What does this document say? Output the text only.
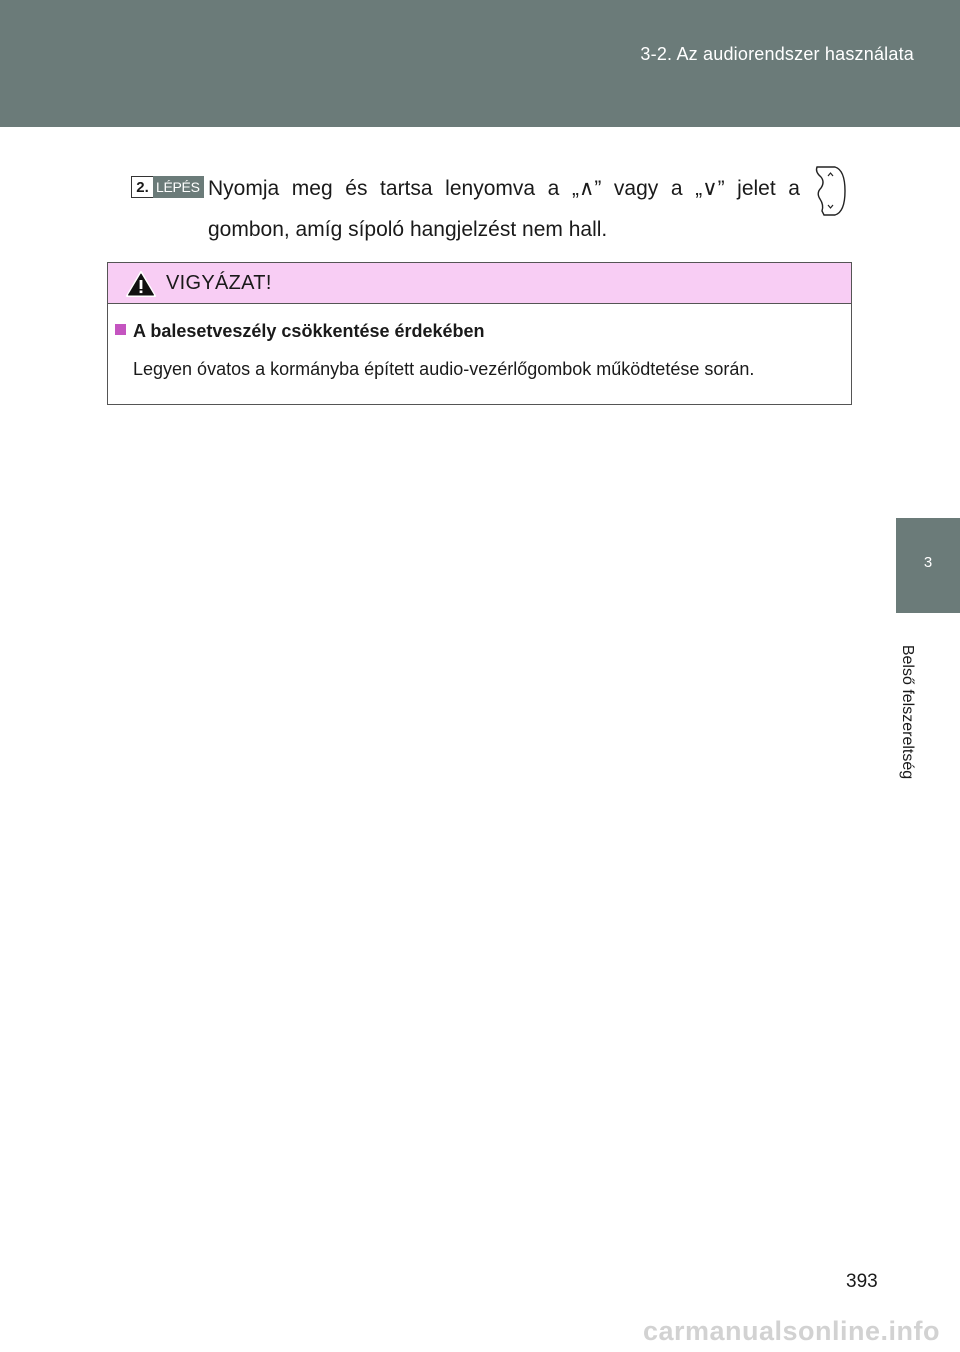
3-2. Az audiorendszer használata
3
Belső felszereltség
2. LÉPÉS Nyomja meg és tartsa lenyomva a „∧” vagy a „∨” jelet a
gombon, amíg sípoló hangjelzést nem hall.
VIGYÁZAT!
A balesetveszély csökkentése érdekében
Legyen óvatos a kormányba épített audio-vezérlőgombok működtetése során.
393
carmanualsonline.info
